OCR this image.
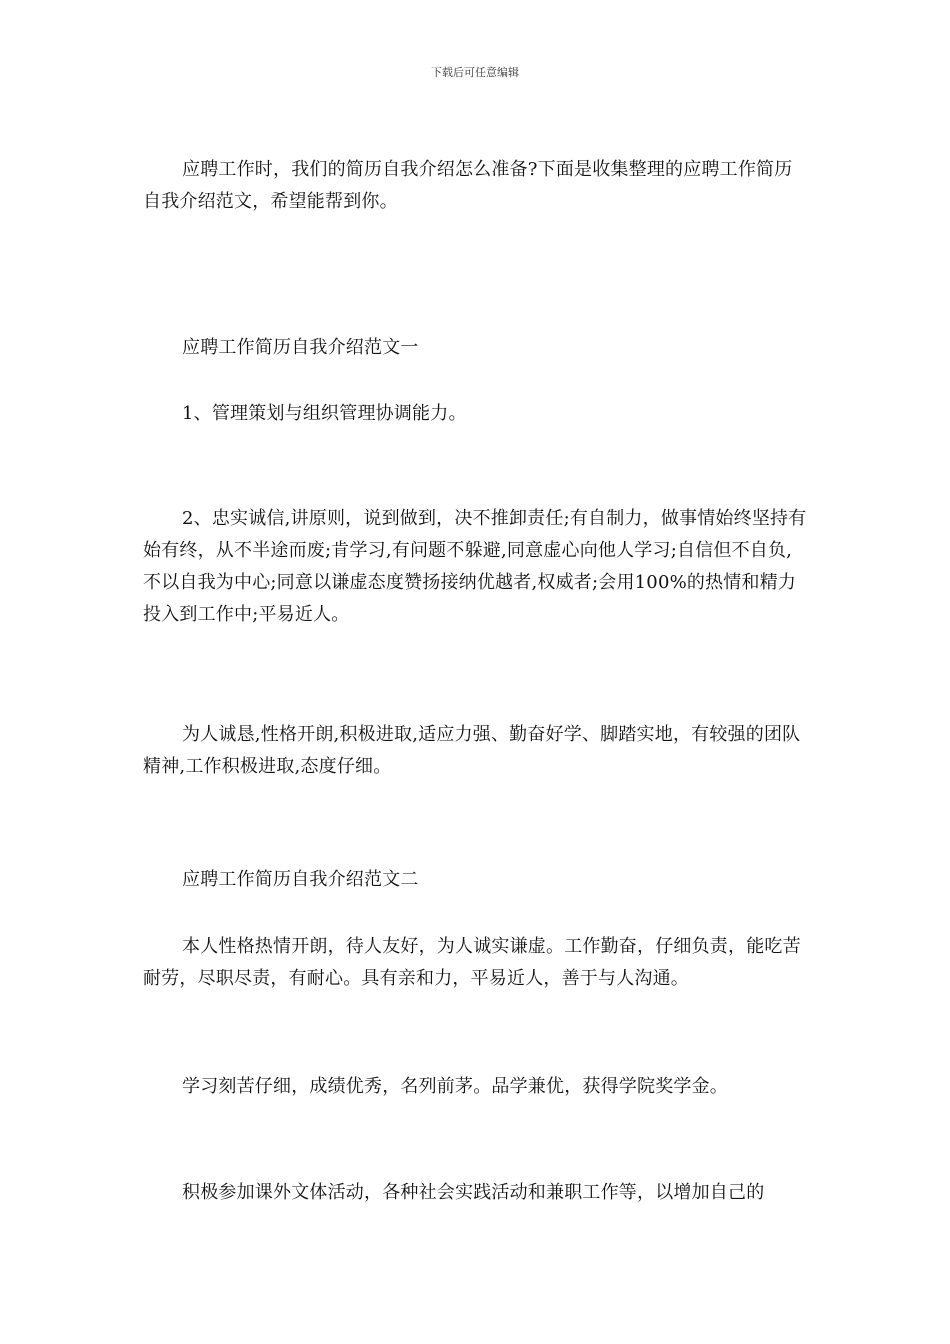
下载后可任意编辑

应聘工作时，我们的简历自我介绍怎么准备?下面是收集整理的应聘工作简历自我介绍范文，希望能帮到你。

应聘工作简历自我介绍范文一

1、管理策划与组织管理协调能力。

2、忠实诚信,讲原则，说到做到，决不推卸责任;有自制力，做事情始终坚持有始有终，从不半途而废;肯学习,有问题不躲避,同意虚心向他人学习;自信但不自负,不以自我为中心;同意以谦虚态度赞扬接纳优越者,权威者;会用100%的热情和精力投入到工作中;平易近人。

为人诚恳,性格开朗,积极进取,适应力强、勤奋好学、脚踏实地，有较强的团队精神,工作积极进取,态度仔细。

应聘工作简历自我介绍范文二

本人性格热情开朗，待人友好，为人诚实谦虚。工作勤奋，仔细负责，能吃苦耐劳，尽职尽责，有耐心。具有亲和力，平易近人，善于与人沟通。

学习刻苦仔细，成绩优秀，名列前茅。品学兼优，获得学院奖学金。

积极参加课外文体活动，各种社会实践活动和兼职工作等，以增加自己的
